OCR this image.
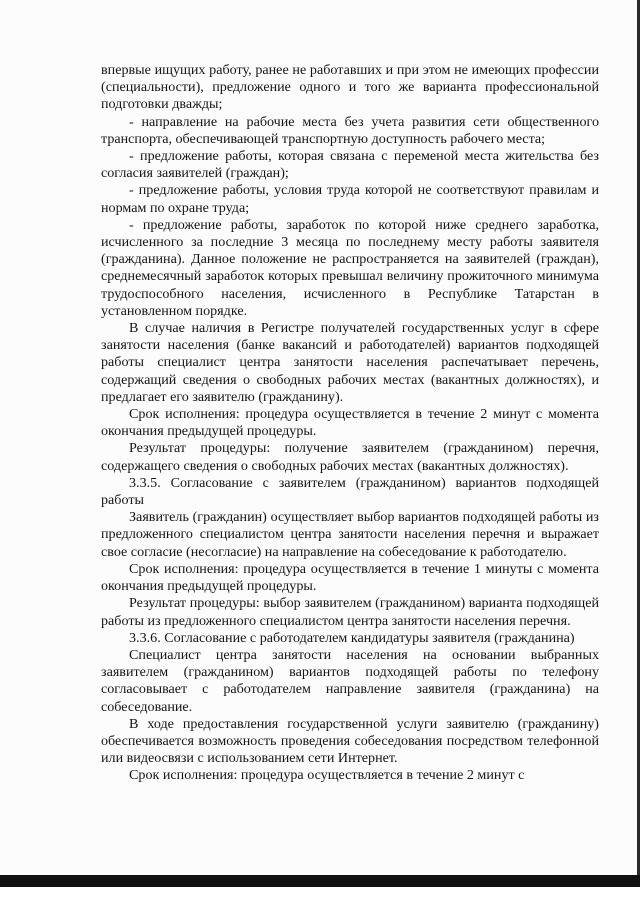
впервые ищущих работу, ранее не работавших и при этом не имеющих профессии (специальности), предложение одного и того же варианта профессиональной подготовки дважды;

- направление на рабочие места без учета развития сети общественного транспорта, обеспечивающей транспортную доступность рабочего места;

- предложение работы, которая связана с переменой места жительства без согласия заявителей (граждан);

- предложение работы, условия труда которой не соответствуют правилам и нормам по охране труда;

- предложение работы, заработок по которой ниже среднего заработка, исчисленного за последние 3 месяца по последнему месту работы заявителя (гражданина). Данное положение не распространяется на заявителей (граждан), среднемесячный заработок которых превышал величину прожиточного минимума трудоспособного населения, исчисленного в Республике Татарстан в установленном порядке.

В случае наличия в Регистре получателей государственных услуг в сфере занятости населения (банке вакансий и работодателей) вариантов подходящей работы специалист центра занятости населения распечатывает перечень, содержащий сведения о свободных рабочих местах (вакантных должностях), и предлагает его заявителю (гражданину).

Срок исполнения: процедура осуществляется в течение 2 минут с момента окончания предыдущей процедуры.

Результат процедуры: получение заявителем (гражданином) перечня, содержащего сведения о свободных рабочих местах (вакантных должностях).

3.3.5. Согласование с заявителем (гражданином) вариантов подходящей работы

Заявитель (гражданин) осуществляет выбор вариантов подходящей работы из предложенного специалистом центра занятости населения перечня и выражает свое согласие (несогласие) на направление на собеседование к работодателю.

Срок исполнения: процедура осуществляется в течение 1 минуты с момента окончания предыдущей процедуры.

Результат процедуры: выбор заявителем (гражданином) варианта подходящей работы из предложенного специалистом центра занятости населения перечня.

3.3.6. Согласование с работодателем кандидатуры заявителя (гражданина)

Специалист центра занятости населения на основании выбранных заявителем (гражданином) вариантов подходящей работы по телефону согласовывает с работодателем направление заявителя (гражданина) на собеседование.

В ходе предоставления государственной услуги заявителю (гражданину) обеспечивается возможность проведения собеседования посредством телефонной или видеосвязи с использованием сети Интернет.

Срок исполнения: процедура осуществляется в течение 2 минут с
